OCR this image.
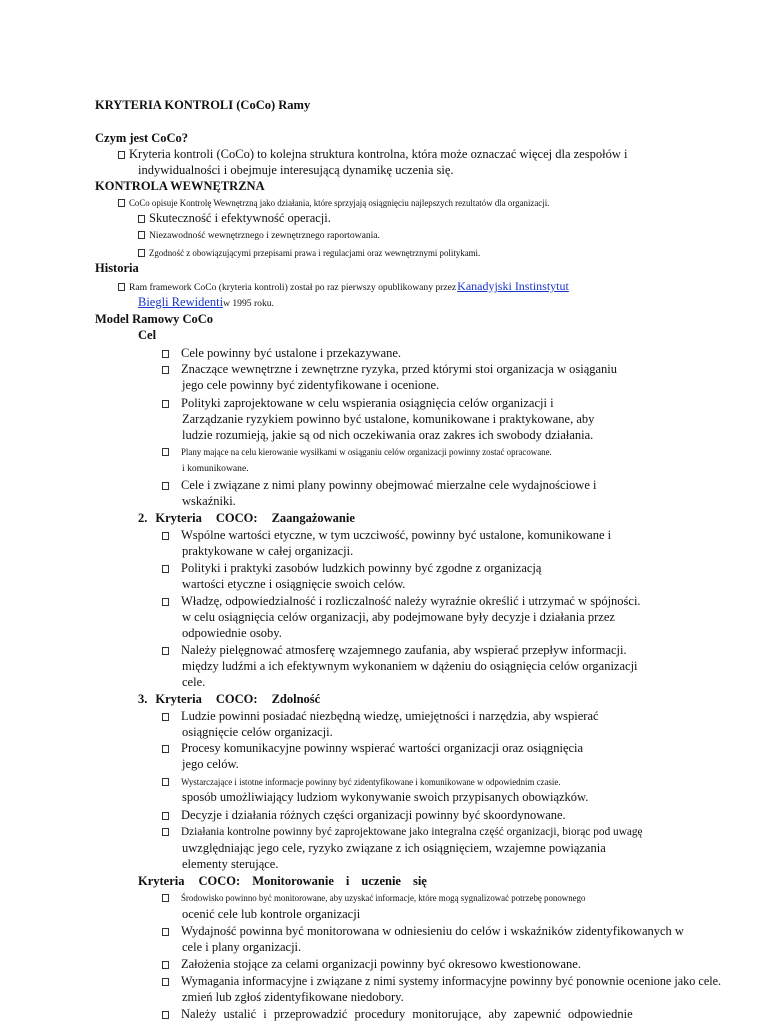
KRYTERIA KONTROLI (CoCo) Ramy
Czym jest CoCo?
Kryteria kontroli (CoCo) to kolejna struktura kontrolna, która może oznaczać więcej dla zespołów i
indywidualności i obejmuje interesującą dynamikę uczenia się.
KONTROLA WEWNĘTRZNA
CoCo opisuje Kontrolę Wewnętrzną jako działania, które sprzyjają osiągnięciu najlepszych rezultatów dla organizacji.
Skuteczność i efektywność operacji.
Niezawodność wewnętrznego i zewnętrznego raportowania.
Zgodność z obowiązującymi przepisami prawa i regulacjami oraz wewnętrznymi politykami.
Historia
Ram framework CoCo (kryteria kontroli) został po raz pierwszy opublikowany przezKanadyjski Instinstytut
Biegli Rewidentiw 1995 roku.
Model Ramowy CoCo
Cel
Cele powinny być ustalone i przekazywane.
Znaczące wewnętrzne i zewnętrzne ryzyka, przed którymi stoi organizacja w osiąganiu
jego cele powinny być zidentyfikowane i ocenione.
Polityki zaprojektowane w celu wspierania osiągnięcia celów organizacji i
Zarządzanie ryzykiem powinno być ustalone, komunikowane i praktykowane, aby
ludzie rozumieją, jakie są od nich oczekiwania oraz zakres ich swobody działania.
Plany mające na celu kierowanie wysiłkami w osiąganiu celów organizacji powinny zostać opracowane.
i komunikowane.
Cele i związane z nimi plany powinny obejmować mierzalne cele wydajnościowe i
wskaźniki.
2. Kryteria COCO: Zaangażowanie
Wspólne wartości etyczne, w tym uczciwość, powinny być ustalone, komunikowane i
praktykowane w całej organizacji.
Polityki i praktyki zasobów ludzkich powinny być zgodne z organizacją
wartości etyczne i osiągnięcie swoich celów.
Władzę, odpowiedzialność i rozliczalność należy wyraźnie określić i utrzymać w spójności.
w celu osiągnięcia celów organizacji, aby podejmowane były decyzje i działania przez
odpowiednie osoby.
Należy pielęgnować atmosferę wzajemnego zaufania, aby wspierać przepływ informacji.
między ludźmi a ich efektywnym wykonaniem w dążeniu do osiągnięcia celów organizacji
cele.
3. Kryteria COCO: Zdolność
Ludzie powinni posiadać niezbędną wiedzę, umiejętności i narzędzia, aby wspierać
osiągnięcie celów organizacji.
Procesy komunikacyjne powinny wspierać wartości organizacji oraz osiągnięcia
jego celów.
Wystarczające i istotne informacje powinny być zidentyfikowane i komunikowane w odpowiednim czasie.
sposób umożliwiający ludziom wykonywanie swoich przypisanych obowiązków.
Decyzje i działania różnych części organizacji powinny być skoordynowane.
Działania kontrolne powinny być zaprojektowane jako integralna część organizacji, biorąc pod uwagę
uwzględniając jego cele, ryzyko związane z ich osiągnięciem, wzajemne powiązania
elementy sterujące.
Kryteria COCO: Monitorowanie i uczenie się
Środowisko powinno być monitorowane, aby uzyskać informacje, które mogą sygnalizować potrzebę ponownego
ocenić cele lub kontrole organizacji
Wydajność powinna być monitorowana w odniesieniu do celów i wskaźników zidentyfikowanych w
cele i plany organizacji.
Założenia stojące za celami organizacji powinny być okresowo kwestionowane.
Wymagania informacyjne i związane z nimi systemy informacyjne powinny być ponownie ocenione jako cele.
zmień lub zgłoś zidentyfikowane niedobory.
Należy ustalić i przeprowadzić procedury monitorujące, aby zapewnić odpowiednie
